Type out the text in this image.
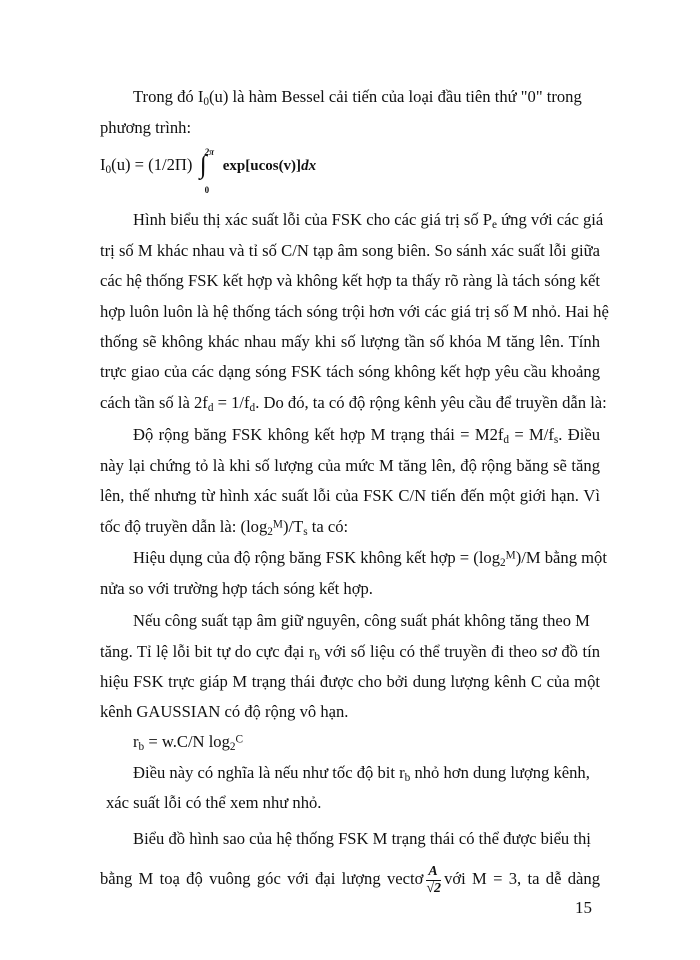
Trong đó $I_0(u)$ là hàm Bessel cải tiến của loại đầu tiên thứ "0" trong
phương trình:
$I_0(u) = (1/2\Pi)$ ∫
2π
0
exp[ucos(v)]dx
Hình biểu thị xác suất lỗi của FSK cho các giá trị số $P_e$ ứng với các giá
trị số M khác nhau và tỉ số C/N tạp âm song biên. So sánh xác suất lỗi giữa
các hệ thống FSK kết hợp và không kết hợp ta thấy rõ ràng là tách sóng kết
hợp luôn luôn là hệ thống tách sóng trội hơn với các giá trị số M nhỏ. Hai hệ
thống sẽ không khác nhau mấy khi số lượng tần số khóa M tăng lên. Tính
trực giao của các dạng sóng FSK tách sóng không kết hợp yêu cầu khoảng
cách tần số là $2f_d = 1/f_d$. Do đó, ta có độ rộng kênh yêu cầu để truyền dẫn là:
Độ rộng băng FSK không kết hợp M trạng thái = $M2f_d = M/f_s$. Điều
này lại chứng tỏ là khi số lượng của mức M tăng lên, độ rộng băng sẽ tăng
lên, thế nhưng từ hình xác suất lỗi của FSK C/N tiến đến một giới hạn. Vì
tốc độ truyền dẫn là: $(\log_2^M)/T_s$ ta có:
Hiệu dụng của độ rộng băng FSK không kết hợp = $(\log_2^M)/M$ bằng một
nửa so với trường hợp tách sóng kết hợp.
Nếu công suất tạp âm giữ nguyên, công suất phát không tăng theo M
tăng. Tỉ lệ lỗi bit tự do cực đại $r_b$ với số liệu có thể truyền đi theo sơ đồ tín
hiệu FSK trực giáp M trạng thái được cho bởi dung lượng kênh C của một
kênh GAUSSIAN có độ rộng vô hạn.
$r_b = w.C/N$ $\log_2^C$
Điều này có nghĩa là nếu như tốc độ bit $r_b$ nhỏ hơn dung lượng kênh,
xác suất lỗi có thể xem như nhỏ.
Biểu đồ hình sao của hệ thống FSK M trạng thái có thể được biểu thị
bằng M toạ độ vuông góc với đại lượng vectơ $\frac{A}{√2}$ với M = 3, ta dễ dàng
15
